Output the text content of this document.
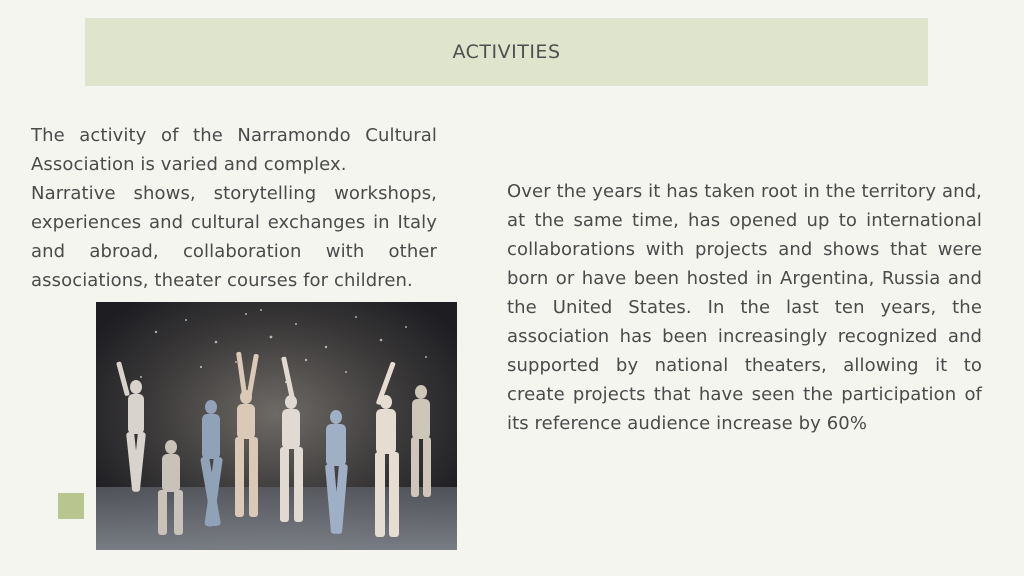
ACTIVITIES

The activity of the Narramondo Cultural Association is varied and complex.

Narrative shows, storytelling workshops, experiences and cultural exchanges in Italy and abroad, collaboration with other associations, theater courses for children.

Over the years it has taken root in the territory and, at the same time, has opened up to international collaborations with projects and shows that were born or have been hosted in Argentina, Russia and the United States. In the last ten years, the association has been increasingly recognized and supported by national theaters, allowing it to create projects that have seen the participation of its reference audience increase by 60%
